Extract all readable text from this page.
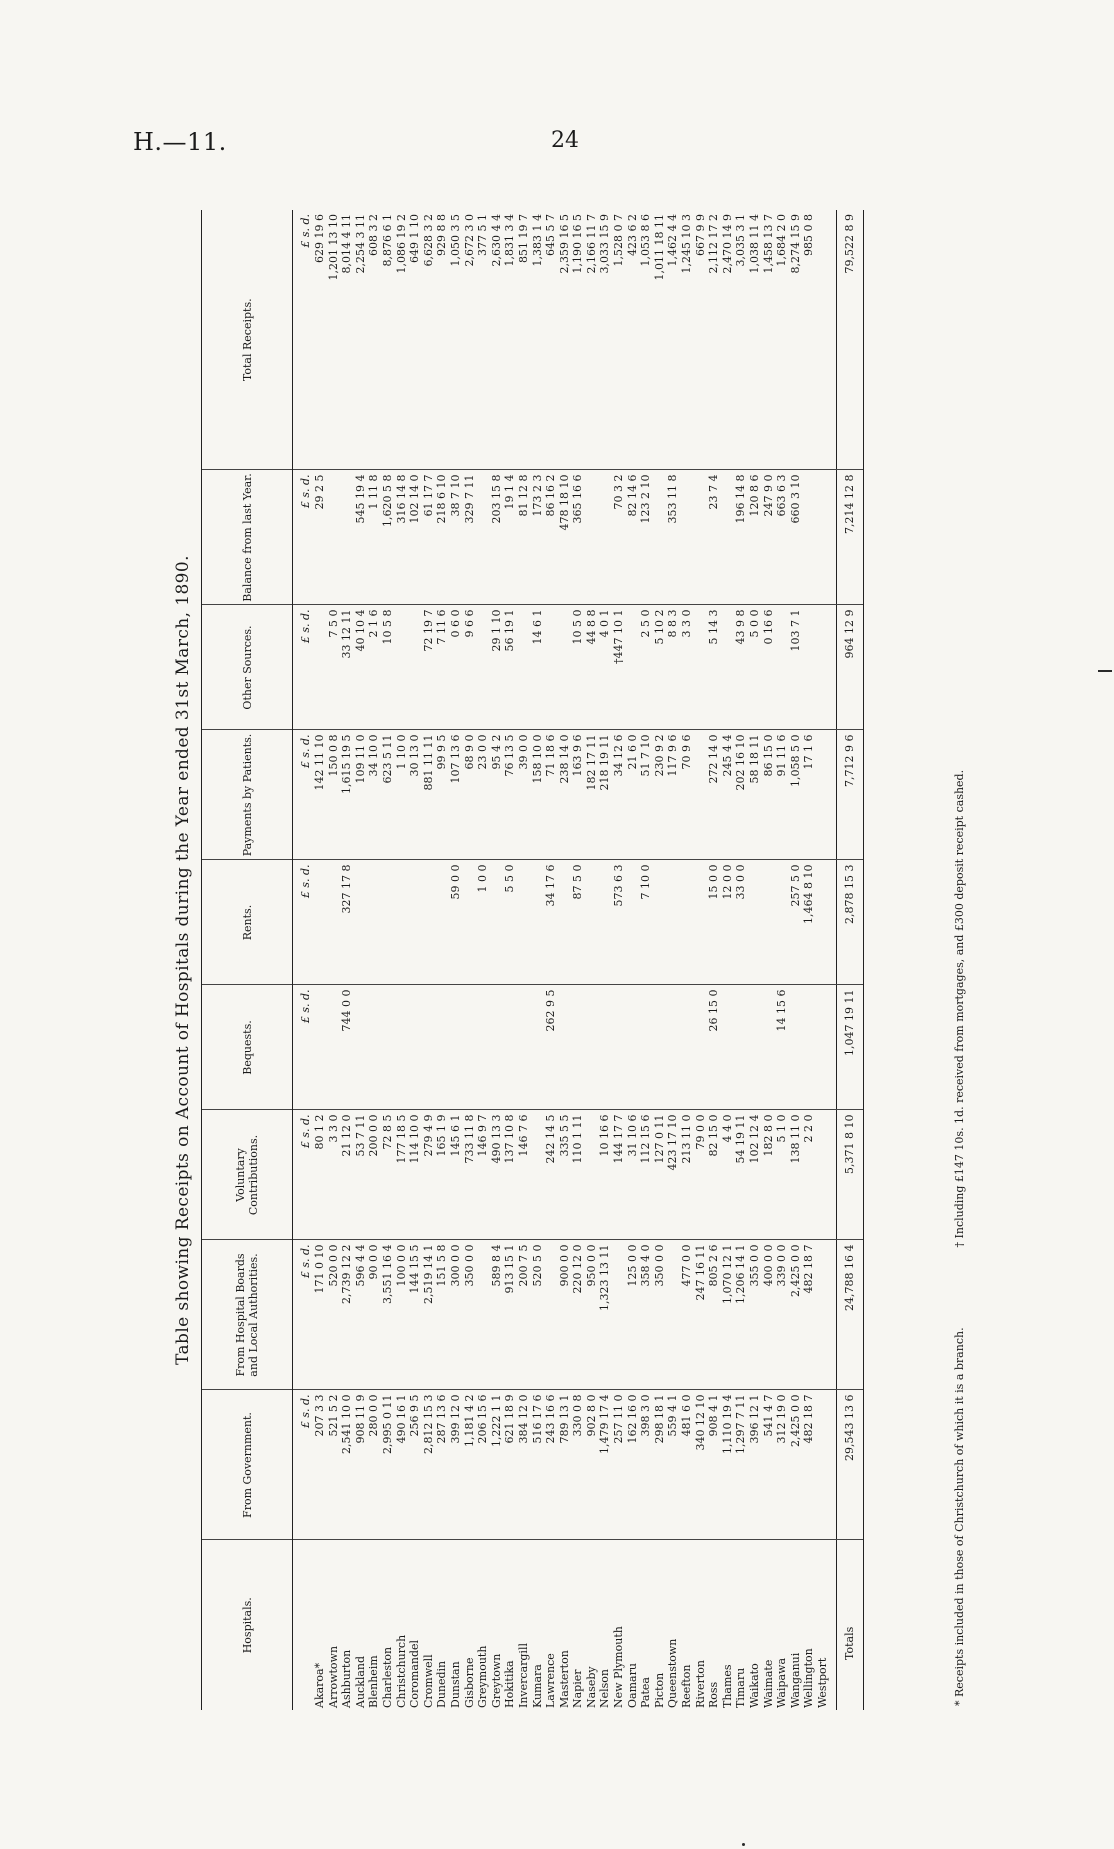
H.—11.	24
Table showing Receipts on Account of Hospitals during the Year ended 31st March, 1890.
Hospitals.	From Government.	From Hospital Boards and Local Authorities.	Voluntary Contributions.	Bequests.	Rents.	Payments by Patients.	Other Sources.	Balance from last Year.	Total Receipts.
	£ s. d.	£ s. d.	£ s. d.	£ s. d.	£ s. d.	£ s. d.	£ s. d.	£ s. d.	£ s. d.
Akaroa*	207 3 3	171 0 10	80 1 2			142 11 10		29 2 5	629 19 6
Arrowtown	521 5 2	520 0 0	3 3 0			150 0 8	7 5 0		1,201 13 10
Ashburton	2,541 10 0	2,739 12 2	21 12 0	744 0 0	327 17 8	1,615 19 5	33 12 11		8,014 4 11
Auckland	908 11 9	596 4 4	53 7 11			109 11 0	40 10 4	545 19 4	2,254 3 11
Blenheim	280 0 0	90 0 0	200 0 0			34 10 0	2 1 6	1 11 8	608 3 2
Charleston	2,995 0 11	3,551 16 4	72 8 5			623 5 11	10 5 8	1,620 5 8	8,876 6 1
Christchurch	490 16 1	100 0 0	177 18 5			1 10 0		316 14 8	1,086 19 2
Coromandel	256 9 5	144 15 5	114 10 0			30 13 0		102 14 0	649 1 10
Cromwell	2,812 15 3	2,519 14 1	279 4 9			881 11 11	72 19 7	61 17 7	6,628 3 2
Dunedin	287 13 6	151 5 8	165 1 9			99 9 5	7 11 6	218 6 10	929 8 8
Dunstan	399 12 0	300 0 0	145 6 1		59 0 0	107 13 6	0 6 0	38 7 10	1,050 3 5
Gisborne	1,181 4 2	350 0 0	733 11 8			68 9 0	9 6 6	329 7 11	2,672 3 0
Greymouth	206 15 6		146 9 7		1 0 0	23 0 0			377 5 1
Greytown	1,222 1 1	589 8 4	490 13 3			95 4 2	29 1 10	203 15 8	2,630 4 4
Hokitika	621 18 9	913 15 1	137 10 8		5 5 0	76 13 5	56 19 1	19 1 4	1,831 3 4
Invercargill	384 12 0	200 7 5	146 7 6			39 0 0		81 12 8	851 19 7
Kumara	516 17 6	520 5 0				158 10 0	14 6 1	173 2 3	1,383 1 4
Lawrence	243 16 6		242 14 5	262 9 5	34 17 6	71 18 6		86 16 2	645 5 7
Masterton	789 13 1	900 0 0	335 5 5			238 14 0		478 18 10	2,359 16 5
Napier	330 0 8	220 12 0	110 1 11		87 5 0	163 9 6	10 5 0	365 16 6	1,190 16 5
Naseby	902 8 0	950 0 0				182 17 11	44 8 8		2,166 11 7
Nelson	1,479 17 4	1,323 13 11	10 16 6			218 19 11	4 0 1		3,033 15 9
New Plymouth	257 11 0		144 17 7		573 6 3	34 12 6	†447 10 1	70 3 2	1,528 0 7
Oamaru	162 16 0	125 0 0	31 10 6			21 6 0		82 14 6	423 6 2
Patea	398 3 0	358 4 0	112 15 6		7 10 0	51 7 10	2 5 0	123 2 10	1,053 8 6
Picton	298 18 1	350 0 0	127 0 11			230 9 2	5 10 2		1,011 18 11
Queenstown	559 4 1		423 17 10			117 9 6	8 8 3	353 11 8	1,462 4 4
Reefton	481 6 0	477 0 0	213 11 0			70 9 6	3 3 0		1,245 10 3
Riverton	340 12 10	247 16 11	79 0 0						667 9 9
Ross	908 4 1	805 2 6	82 15 0	26 15 0	15 0 0	272 14 0	5 14 3	23 7 4	2,112 17 2
Thames	1,110 19 4	1,070 12 1	4 4 0		12 0 0	245 4 4			2,470 14 9
Timaru	1,297 7 11	1,206 14 1	54 19 11		33 0 0	202 16 10	43 9 8	196 14 8	3,035 3 1
Waikato	396 12 1	355 0 0	102 12 4			58 18 11	5 0 0	120 8 6	1,038 11 4
Waimate	541 4 7	400 0 0	182 8 0			86 15 0	0 16 6	247 9 0	1,458 13 7
Waipawa	312 19 0	339 0 0	5 1 0	14 15 6		91 11 6		663 6 3	1,684 2 0
Wanganui	2,425 0 0	2,425 0 0	138 11 0		257 5 0	1,058 5 0	103 7 1	660 3 10	8,274 15 9
Wellington	482 18 7	482 18 7	2 2 0		1,464 8 10	17 1 6			985 0 8
Westport									

Totals	29,543 13 6	24,788 16 4	5,371 8 10	1,047 19 11	2,878 15 3	7,712 9 6	964 12 9	7,214 12 8	79,522 8 9
* Receipts included in those of Christchurch of which it is a branch.
† Including £147 10s. 1d. received from mortgages, and £300 deposit receipt cashed.
